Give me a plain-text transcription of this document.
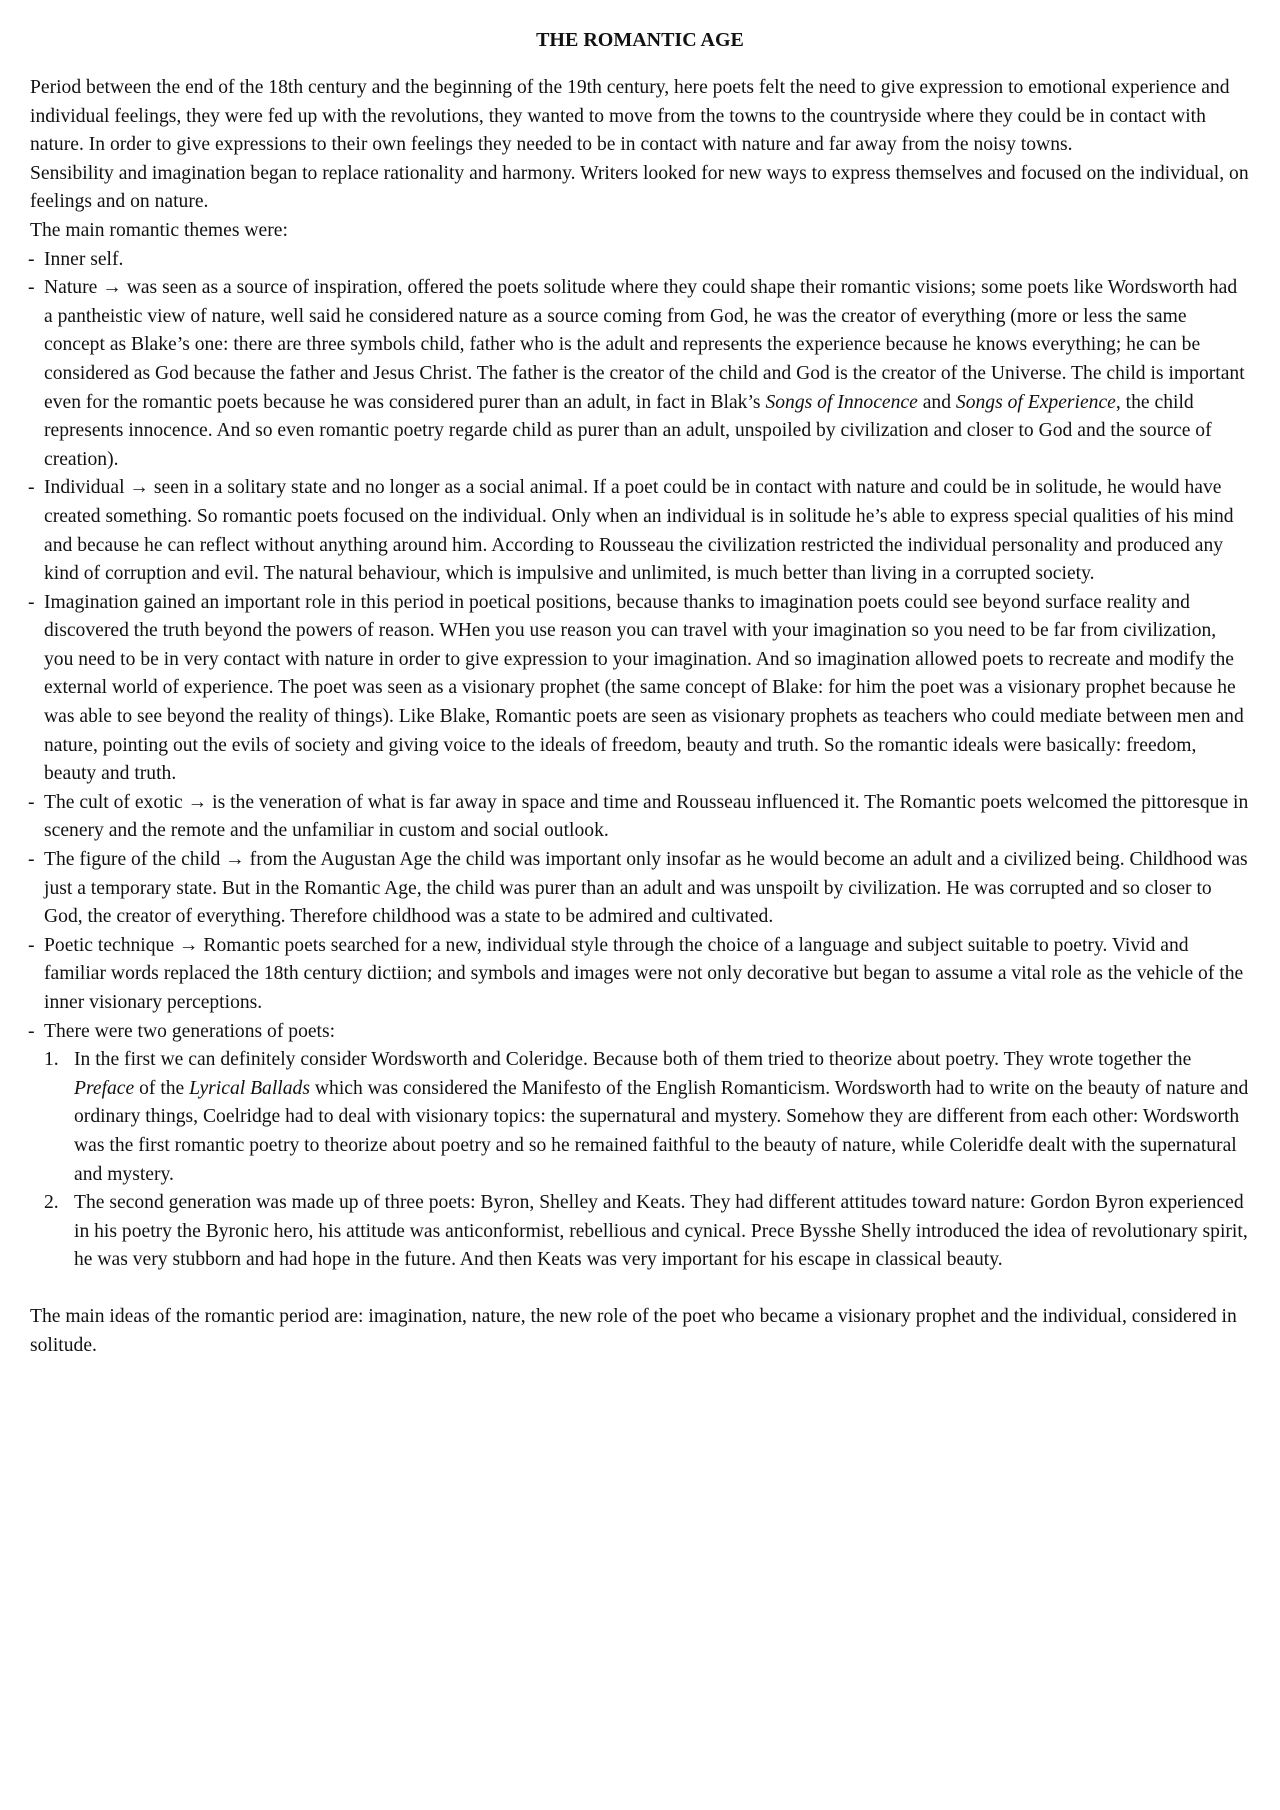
THE ROMANTIC AGE

Period between the end of the 18th century and the beginning of the 19th century, here poets felt the need to give expression to emotional experience and individual feelings, they were fed up with the revolutions, they wanted to move from the towns to the countryside where they could be in contact with nature. In order to give expressions to their own feelings they needed to be in contact with nature and far away from the noisy towns.

Sensibility and imagination began to replace rationality and harmony. Writers looked for new ways to express themselves and focused on the individual, on feelings and on nature.

The main romantic themes were:

- Inner self.
- Nature → was seen as a source of inspiration, offered the poets solitude where they could shape their romantic visions; some poets like Wordsworth had a pantheistic view of nature, well said he considered nature as a source coming from God, he was the creator of everything (more or less the same concept as Blake’s one: there are three symbols child, father who is the adult and represents the experience because he knows everything; he can be considered as God because the father and Jesus Christ. The father is the creator of the child and God is the creator of the Universe. The child is important even for the romantic poets because he was considered purer than an adult, in fact in Blak’s Songs of Innocence and Songs of Experience, the child represents innocence. And so even romantic poetry regarde child as purer than an adult, unspoiled by civilization and closer to God and the source of creation).
- Individual → seen in a solitary state and no longer as a social animal. If a poet could be in contact with nature and could be in solitude, he would have created something. So romantic poets focused on the individual. Only when an individual is in solitude he’s able to express special qualities of his mind and because he can reflect without anything around him. According to Rousseau the civilization restricted the individual personality and produced any kind of corruption and evil. The natural behaviour, which is impulsive and unlimited, is much better than living in a corrupted society.
- Imagination gained an important role in this period in poetical positions, because thanks to imagination poets could see beyond surface reality and discovered the truth beyond the powers of reason. WHen you use reason you can travel with your imagination so you need to be far from civilization, you need to be in very contact with nature in order to give expression to your imagination. And so imagination allowed poets to recreate and modify the external world of experience. The poet was seen as a visionary prophet (the same concept of Blake: for him the poet was a visionary prophet because he was able to see beyond the reality of things). Like Blake, Romantic poets are seen as visionary prophets as teachers who could mediate between men and nature, pointing out the evils of society and giving voice to the ideals of freedom, beauty and truth. So the romantic ideals were basically: freedom, beauty and truth.
- The cult of exotic → is the veneration of what is far away in space and time and Rousseau influenced it. The Romantic poets welcomed the pittoresque in scenery and the remote and the unfamiliar in custom and social outlook.
- The figure of the child → from the Augustan Age the child was important only insofar as he would become an adult and a civilized being. Childhood was just a temporary state. But in the Romantic Age, the child was purer than an adult and was unspoilt by civilization. He was corrupted and so closer to God, the creator of everything. Therefore childhood was a state to be admired and cultivated.
- Poetic technique → Romantic poets searched for a new, individual style through the choice of a language and subject suitable to poetry. Vivid and familiar words replaced the 18th century dictiion; and symbols and images were not only decorative but began to assume a vital role as the vehicle of the inner visionary perceptions.
- There were two generations of poets:
1. In the first we can definitely consider Wordsworth and Coleridge. Because both of them tried to theorize about poetry. They wrote together the Preface of the Lyrical Ballads which was considered the Manifesto of the English Romanticism. Wordsworth had to write on the beauty of nature and ordinary things, Coelridge had to deal with visionary topics: the supernatural and mystery. Somehow they are different from each other: Wordsworth was the first romantic poetry to theorize about poetry and so he remained faithful to the beauty of nature, while Coleridfe dealt with the supernatural and mystery.
2. The second generation was made up of three poets: Byron, Shelley and Keats. They had different attitudes toward nature: Gordon Byron experienced in his poetry the Byronic hero, his attitude was anticonformist, rebellious and cynical. Prece Bysshe Shelly introduced the idea of revolutionary spirit, he was very stubborn and had hope in the future. And then Keats was very important for his escape in classical beauty.

The main ideas of the romantic period are: imagination, nature, the new role of the poet who became a visionary prophet and the individual, considered in solitude.
